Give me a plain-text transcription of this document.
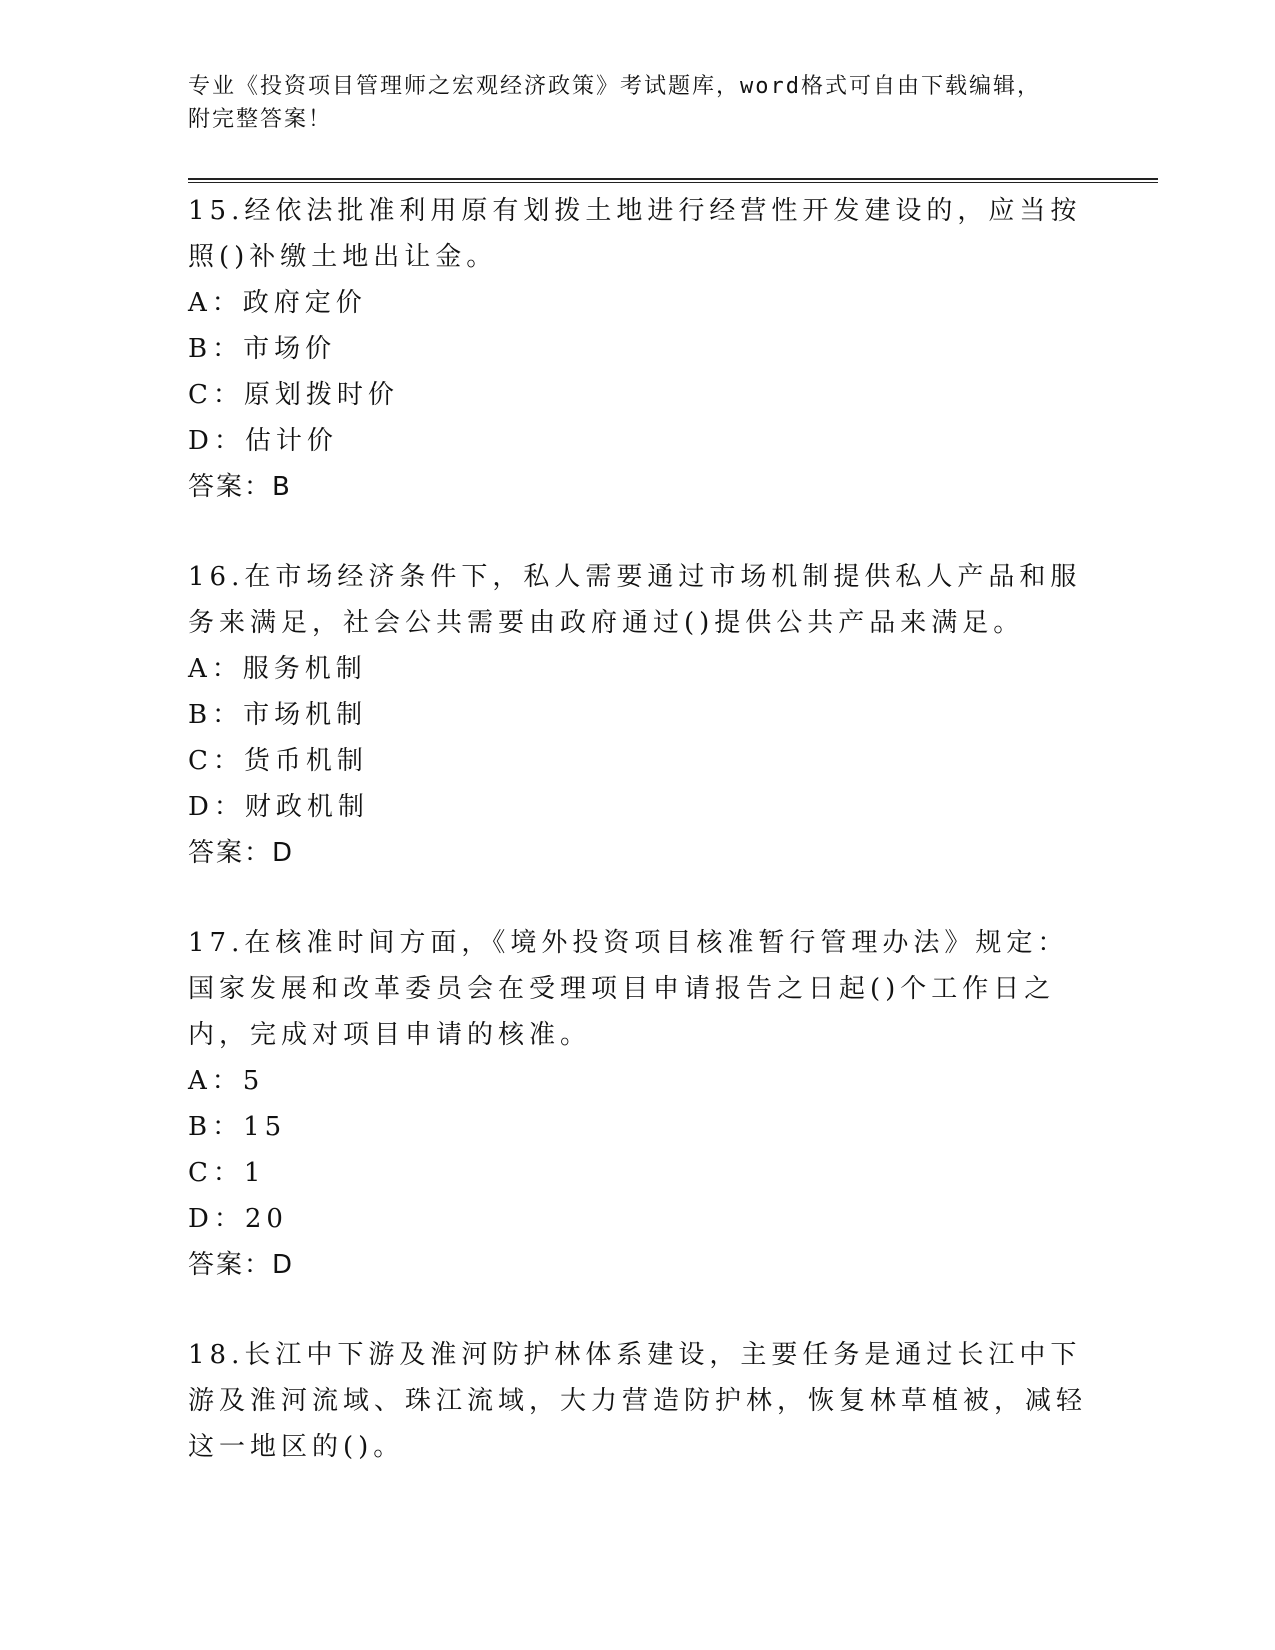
专业《投资项目管理师之宏观经济政策》考试题库，word格式可自由下载编辑，
附完整答案！

15.经依法批准利用原有划拨土地进行经营性开发建设的，应当按照()补缴土地出让金。

A：政府定价

B：市场价

C：原划拨时价

D：估计价

答案：B

16.在市场经济条件下，私人需要通过市场机制提供私人产品和服务来满足，社会公共需要由政府通过()提供公共产品来满足。

A：服务机制

B：市场机制

C：货币机制

D：财政机制

答案：D

17.在核准时间方面，《境外投资项目核准暂行管理办法》规定：国家发展和改革委员会在受理项目申请报告之日起()个工作日之内，完成对项目申请的核准。

A：5

B：15

C：1

D：20

答案：D

18.长江中下游及淮河防护林体系建设，主要任务是通过长江中下游及淮河流域、珠江流域，大力营造防护林，恢复林草植被，减轻这一地区的()。
